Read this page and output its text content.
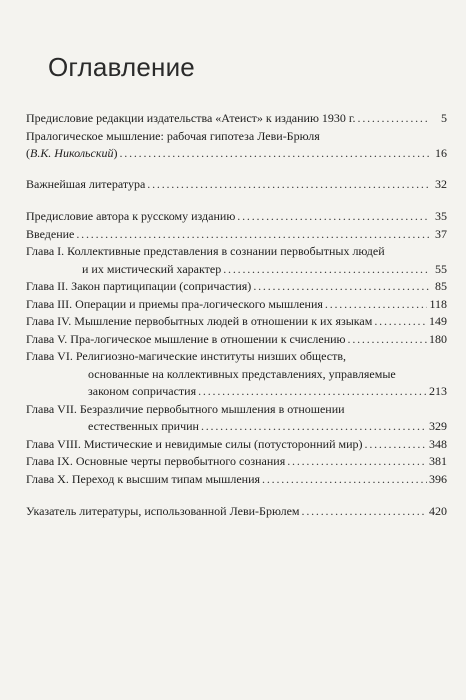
Оглавление
Предисловие редакции издательства «Атеист» к изданию 1930 г. . . .	5
Пралогическое мышление: рабочая гипотеза Леви-Брюля
(В.К. Никольский) . . .	16
Важнейшая литература . . .	32
Предисловие автора к русскому изданию . . .	35
Введение . . .	37
Глава I. Коллективные представления в сознании первобытных людей
и их мистический характер . . .	55
Глава II. Закон партиципации (сопричастия) . . .	85
Глава III. Операции и приемы пра-логического мышления . . .	118
Глава IV. Мышление первобытных людей в отношении к их языкам . . .	149
Глава V. Пра-логическое мышление в отношении к счислению . . .	180
Глава VI. Религиозно-магические институты низших обществ,
основанные на коллективных представлениях, управляемые
законом сопричастия . . .	213
Глава VII. Безразличие первобытного мышления в отношении
естественных причин . . .	329
Глава VIII. Мистические и невидимые силы (потусторонний мир) . . .	348
Глава IX. Основные черты первобытного сознания . . .	381
Глава X. Переход к высшим типам мышления . . .	396
Указатель литературы, использованной Леви-Брюлем . . .	420
